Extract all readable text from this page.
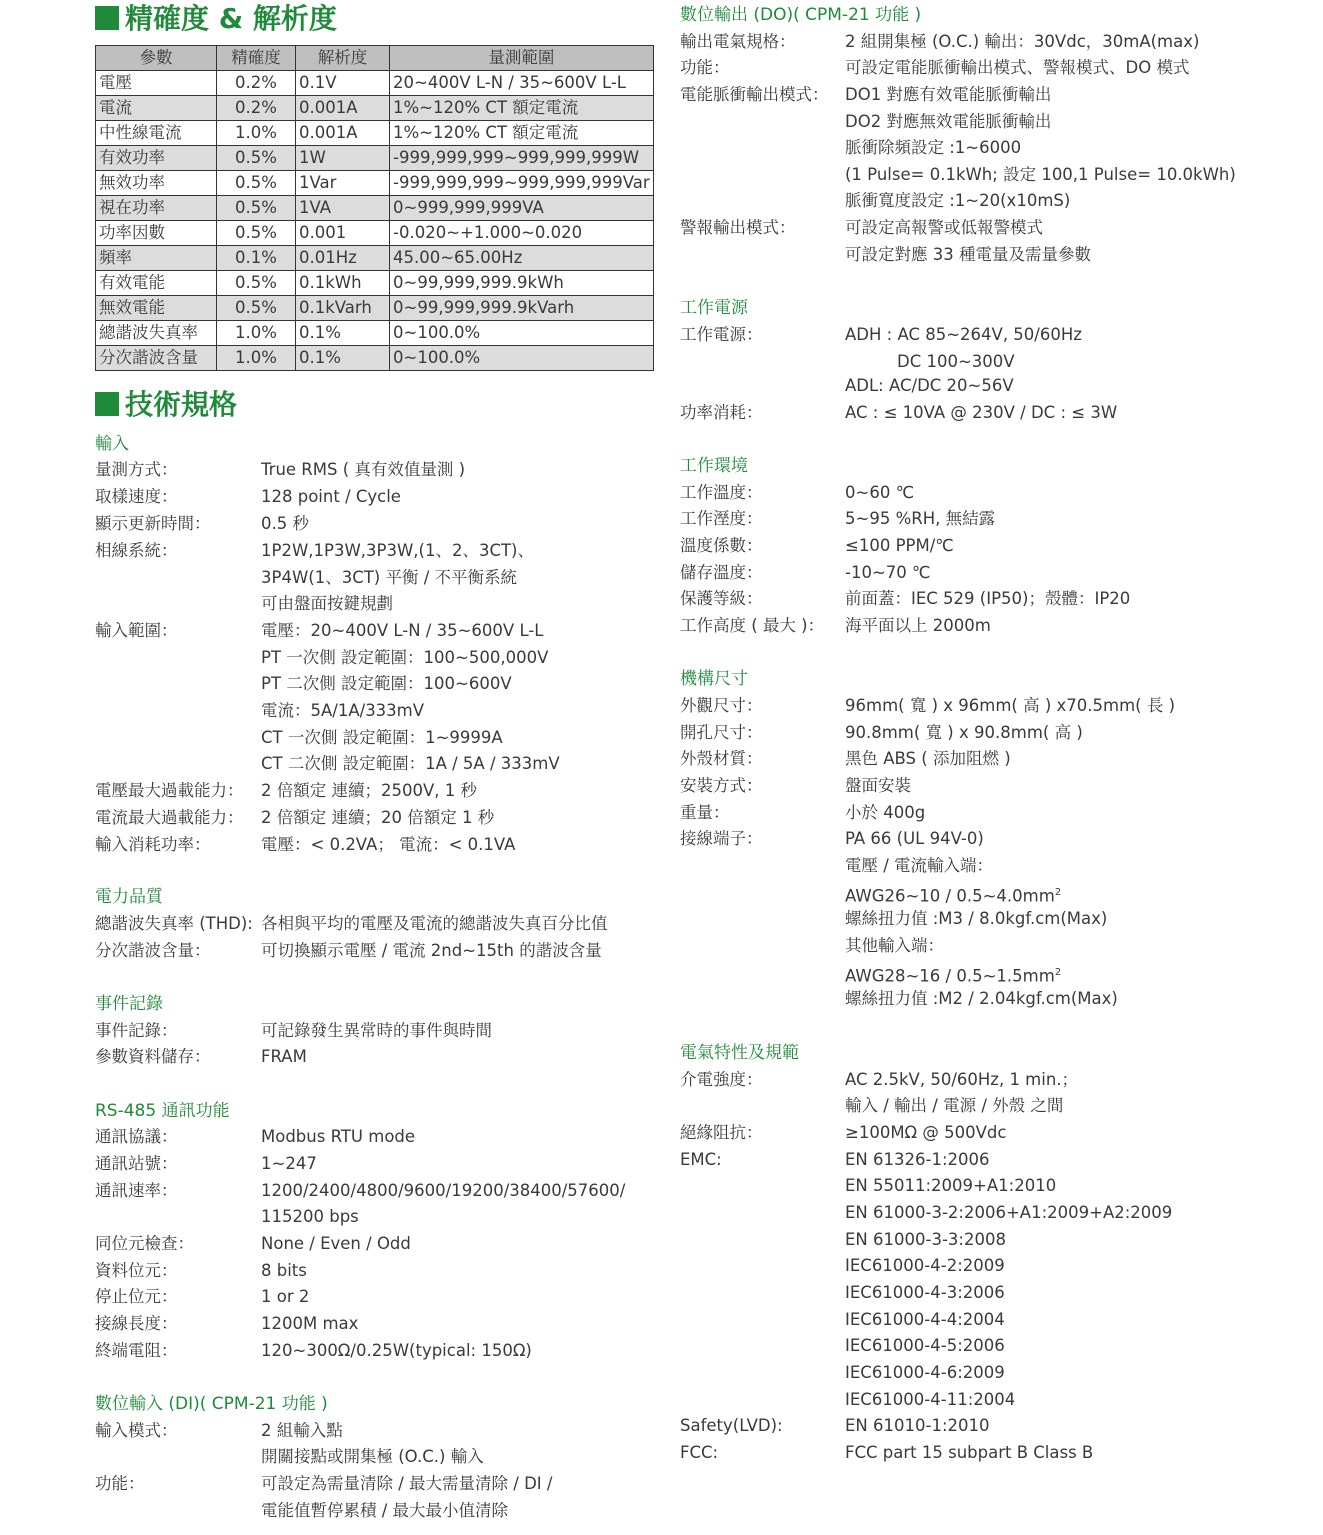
精確度 & 解析度
參數	精確度	解析度	量測範圍
電壓	0.2%	0.1V	20~400V L-N / 35~600V L-L
電流	0.2%	0.001A	1%~120% CT 額定電流
中性線電流	1.0%	0.001A	1%~120% CT 額定電流
有效功率	0.5%	1W	-999,999,999~999,999,999W
無效功率	0.5%	1Var	-999,999,999~999,999,999Var
視在功率	0.5%	1VA	0~999,999,999VA
功率因數	0.5%	0.001	-0.020~+1.000~0.020
頻率	0.1%	0.01Hz	45.00~65.00Hz
有效電能	0.5%	0.1kWh	0~99,999,999.9kWh
無效電能	0.5%	0.1kVarh	0~99,999,999.9kVarh
總諧波失真率	1.0%	0.1%	0~100.0%
分次諧波含量	1.0%	0.1%	0~100.0%
技術規格
輸入
量測方式：	True RMS ( 真有效值量測 )
取樣速度：	128 point / Cycle
顯示更新時間：	0.5 秒
相線系統：	1P2W,1P3W,3P3W,(1、2、3CT)、
3P4W(1、3CT) 平衡 / 不平衡系統
可由盤面按鍵規劃
輸入範圍：	電壓：20~400V L-N / 35~600V L-L
PT 一次側 設定範圍：100~500,000V
PT 二次側 設定範圍：100~600V
電流：5A/1A/333mV
CT 一次側 設定範圍：1~9999A
CT 二次側 設定範圍：1A / 5A / 333mV
電壓最大過載能力： 2 倍額定 連續；2500V, 1 秒
電流最大過載能力： 2 倍額定 連續；20 倍額定 1 秒
輸入消耗功率：	電壓：< 0.2VA； 電流：< 0.1VA
電力品質
總諧波失真率 (THD): 各相與平均的電壓及電流的總諧波失真百分比值
分次諧波含量：	可切換顯示電壓 / 電流 2nd~15th 的諧波含量
事件記錄
事件記錄：	可記錄發生異常時的事件與時間
參數資料儲存：	FRAM
RS-485 通訊功能
通訊協議：	Modbus RTU mode
通訊站號：	1~247
通訊速率：	1200/2400/4800/9600/19200/38400/57600/
115200 bps
同位元檢查：	None / Even / Odd
資料位元：	8 bits
停止位元：	1 or 2
接線長度：	1200M max
終端電阻：	120~300Ω/0.25W(typical: 150Ω)
數位輸入 (DI)( CPM-21 功能 )
輸入模式：	2 組輸入點
開關接點或開集極 (O.C.) 輸入
功能：	可設定為需量清除 / 最大需量清除 / DI /
電能值暫停累積 / 最大最小值清除
數位輸出 (DO)( CPM-21 功能 )
輸出電氣規格：	2 組開集極 (O.C.) 輸出：30Vdc，30mA(max)
功能：	可設定電能脈衝輸出模式、警報模式、DO 模式
電能脈衝輸出模式： DO1 對應有效電能脈衝輸出
DO2 對應無效電能脈衝輸出
脈衝除頻設定 :1~6000
(1 Pulse= 0.1kWh; 設定 100,1 Pulse= 10.0kWh)
脈衝寬度設定 :1~20(x10mS)
警報輸出模式：	可設定高報警或低報警模式
可設定對應 33 種電量及需量參數
工作電源
工作電源：	ADH : AC 85~264V, 50/60Hz
DC 100~300V
ADL: AC/DC 20~56V
功率消耗：	AC : ≤ 10VA @ 230V / DC : ≤ 3W
工作環境
工作溫度：	0~60 ℃
工作溼度：	5~95 %RH, 無結露
溫度係數：	≤100 PPM/℃
儲存溫度：	-10~70 ℃
保護等級：	前面蓋：IEC 529 (IP50)；殼體：IP20
工作高度 ( 最大 )： 海平面以上 2000m
機構尺寸
外觀尺寸：	96mm( 寬 ) x 96mm( 高 ) x70.5mm( 長 )
開孔尺寸：	90.8mm( 寬 ) x 90.8mm( 高 )
外殼材質：	黑色 ABS ( 添加阻燃 )
安裝方式：	盤面安裝
重量：	小於 400g
接線端子：	PA 66 (UL 94V-0)
電壓 / 電流輸入端：
AWG26~10 / $0.5\sim 4.0mm^2$
螺絲扭力值 :M3 / 8.0kgf.cm(Max)
其他輸入端：
AWG28~16 / $0.5\sim 1.5mm^2$
螺絲扭力值 :M2 / 2.04kgf.cm(Max)
電氣特性及規範
介電強度：	AC 2.5kV, 50/60Hz, 1 min.；
輸入 / 輸出 / 電源 / 外殼 之間
絕緣阻抗：	≥100MΩ @ 500Vdc
EMC:	EN 61326-1:2006
EN 55011:2009+A1:2010
EN 61000-3-2:2006+A1:2009+A2:2009
EN 61000-3-3:2008
IEC61000-4-2:2009
IEC61000-4-3:2006
IEC61000-4-4:2004
IEC61000-4-5:2006
IEC61000-4-6:2009
IEC61000-4-11:2004
Safety(LVD):	EN 61010-1:2010
FCC:	FCC part 15 subpart B Class B
